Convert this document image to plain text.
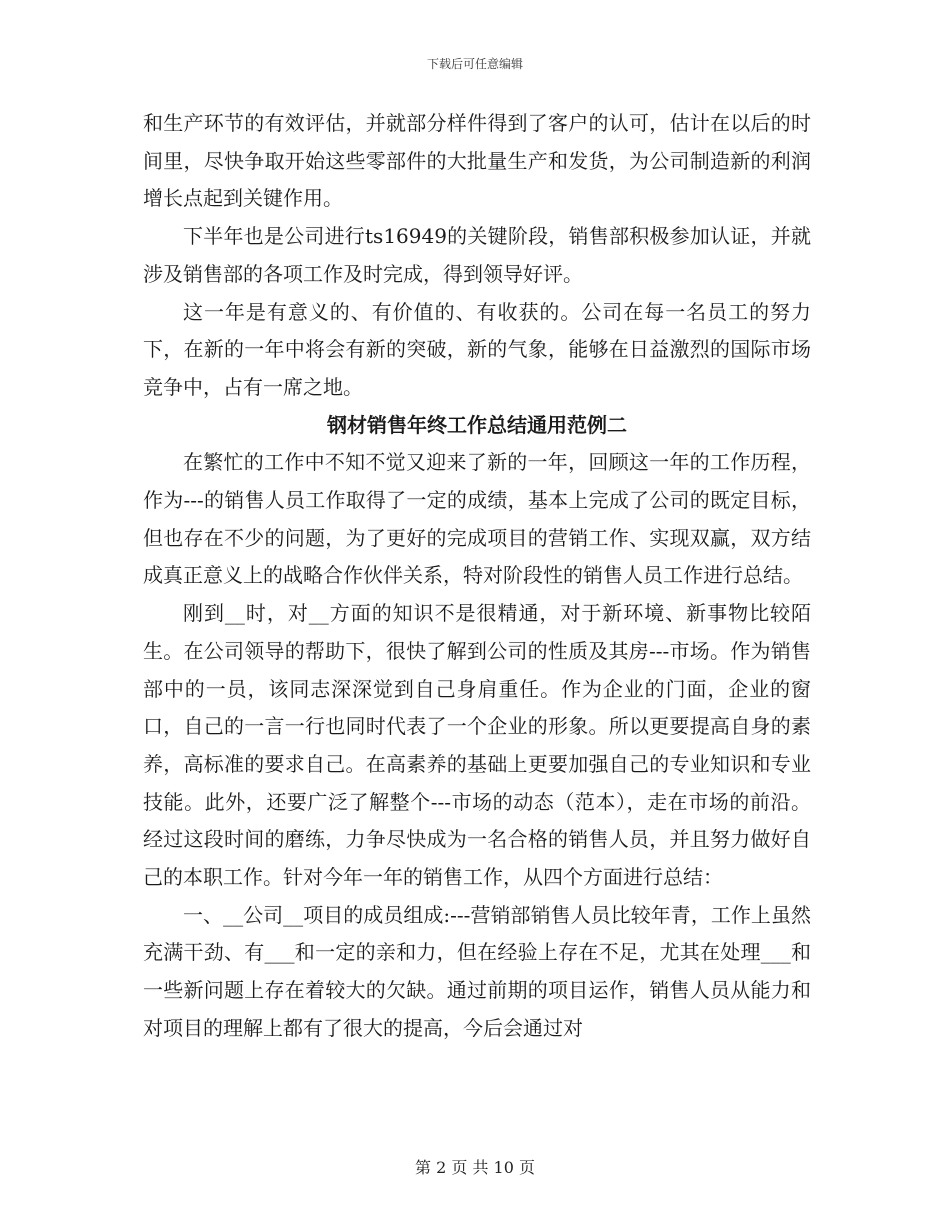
下载后可任意编辑

和生产环节的有效评估，并就部分样件得到了客户的认可，估计在以后的时间里，尽快争取开始这些零部件的大批量生产和发货，为公司制造新的利润增长点起到关键作用。

下半年也是公司进行ts16949的关键阶段，销售部积极参加认证，并就涉及销售部的各项工作及时完成，得到领导好评。

这一年是有意义的、有价值的、有收获的。公司在每一名员工的努力下，在新的一年中将会有新的突破，新的气象，能够在日益激烈的国际市场竞争中，占有一席之地。

钢材销售年终工作总结通用范例二

在繁忙的工作中不知不觉又迎来了新的一年，回顾这一年的工作历程，作为---的销售人员工作取得了一定的成绩，基本上完成了公司的既定目标，但也存在不少的问题，为了更好的完成项目的营销工作、实现双赢，双方结成真正意义上的战略合作伙伴关系，特对阶段性的销售人员工作进行总结。

刚到__时，对__方面的知识不是很精通，对于新环境、新事物比较陌生。在公司领导的帮助下，很快了解到公司的性质及其房---市场。作为销售部中的一员，该同志深深觉到自己身肩重任。作为企业的门面，企业的窗口，自己的一言一行也同时代表了一个企业的形象。所以更要提高自身的素养，高标准的要求自己。在高素养的基础上更要加强自己的专业知识和专业技能。此外，还要广泛了解整个---市场的动态（范本），走在市场的前沿。经过这段时间的磨练，力争尽快成为一名合格的销售人员，并且努力做好自己的本职工作。针对今年一年的销售工作，从四个方面进行总结：

一、__公司__项目的成员组成:---营销部销售人员比较年青，工作上虽然充满干劲、有___和一定的亲和力，但在经验上存在不足，尤其在处理___和一些新问题上存在着较大的欠缺。通过前期的项目运作，销售人员从能力和对项目的理解上都有了很大的提高，今后会通过对

第 2 页 共 10 页
